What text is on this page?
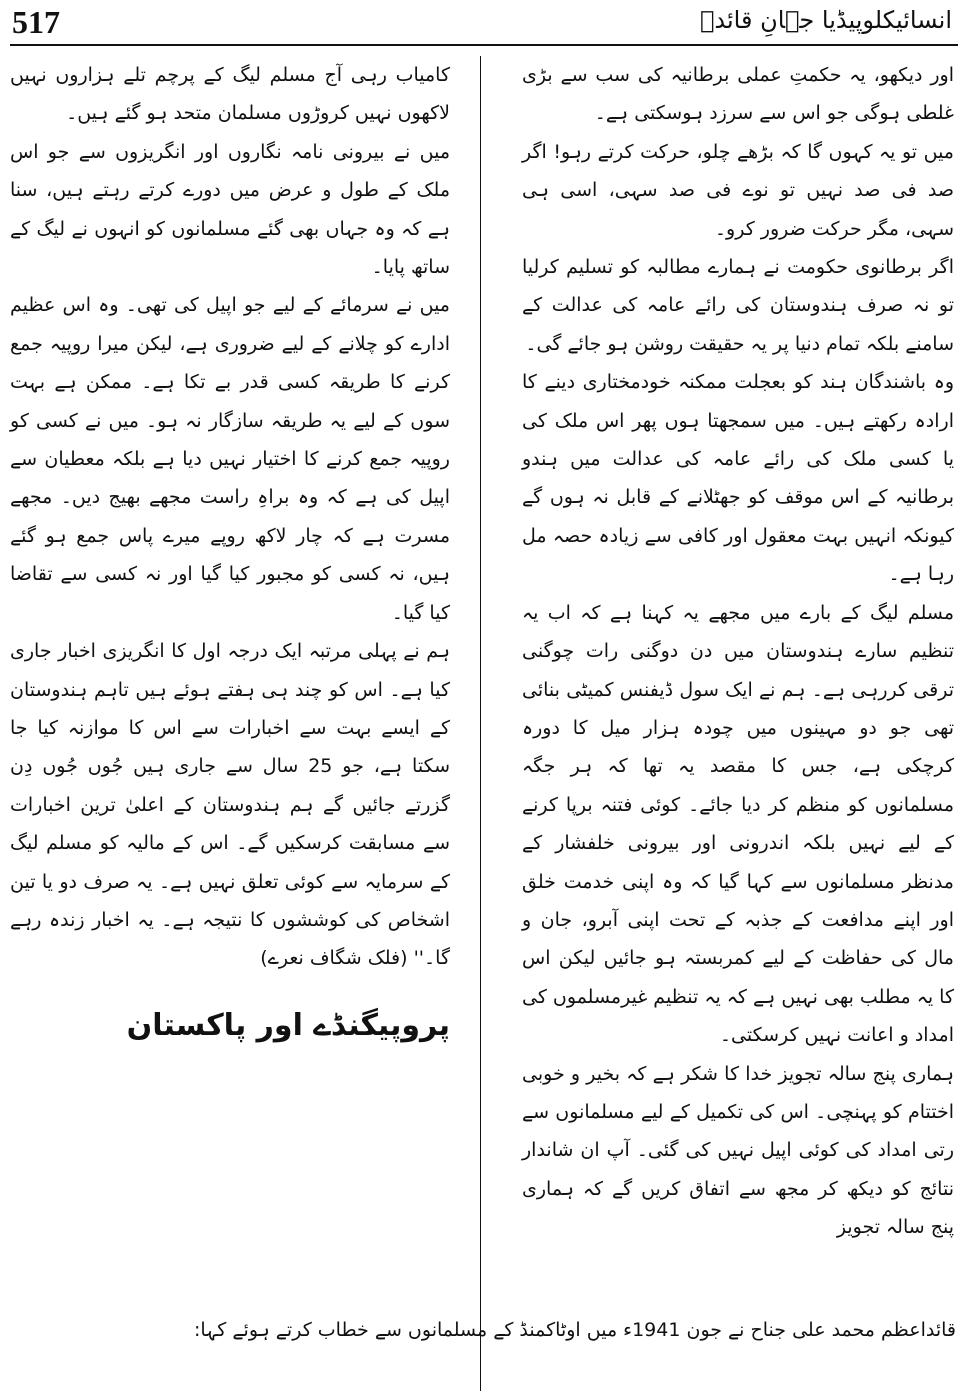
517	انسائیکلوپیڈیا جہانِ قائدؒ

اور دیکھو، یہ حکمتِ عملی برطانیہ کی سب سے بڑی غلطی ہوگی جو اس سے سرزد ہوسکتی ہے۔

میں تو یہ کہوں گا کہ بڑھے چلو، حرکت کرتے رہو! اگر صد فی صد نہیں تو نوے فی صد سہی، اسی ہی سہی، مگر حرکت ضرور کرو۔

اگر برطانوی حکومت نے ہمارے مطالبہ کو تسلیم کرلیا تو نہ صرف ہندوستان کی رائے عامہ کی عدالت کے سامنے بلکہ تمام دنیا پر یہ حقیقت روشن ہو جائے گی۔

وہ باشندگان ہند کو بعجلت ممکنہ خودمختاری دینے کا ارادہ رکھتے ہیں۔ میں سمجھتا ہوں پھر اس ملک کی یا کسی ملک کی رائے عامہ کی عدالت میں ہندو برطانیہ کے اس موقف کو جھٹلانے کے قابل نہ ہوں گے کیونکہ انہیں بہت معقول اور کافی سے زیادہ حصہ مل رہا ہے۔

مسلم لیگ کے بارے میں مجھے یہ کہنا ہے کہ اب یہ تنظیم سارے ہندوستان میں دن دوگنی رات چوگنی ترقی کررہی ہے۔ ہم نے ایک سول ڈیفنس کمیٹی بنائی تھی جو دو مہینوں میں چودہ ہزار میل کا دورہ کرچکی ہے، جس کا مقصد یہ تھا کہ ہر جگہ مسلمانوں کو منظم کر دیا جائے۔ کوئی فتنہ برپا کرنے کے لیے نہیں بلکہ اندرونی اور بیرونی خلفشار کے مدنظر مسلمانوں سے کہا گیا کہ وہ اپنی خدمت خلق اور اپنے مدافعت کے جذبہ کے تحت اپنی آبرو، جان و مال کی حفاظت کے لیے کمربستہ ہو جائیں لیکن اس کا یہ مطلب بھی نہیں ہے کہ یہ تنظیم غیرمسلموں کی امداد و اعانت نہیں کرسکتی۔

ہماری پنج سالہ تجویز خدا کا شکر ہے کہ بخیر و خوبی اختتام کو پہنچی۔ اس کی تکمیل کے لیے مسلمانوں سے رتی امداد کی کوئی اپیل نہیں کی گئی۔ آپ ان شاندار نتائج کو دیکھ کر مجھ سے اتفاق کریں گے کہ ہماری پنج سالہ تجویز

کامیاب رہی آج مسلم لیگ کے پرچم تلے ہزاروں نہیں لاکھوں نہیں کروڑوں مسلمان متحد ہو گئے ہیں۔

میں نے بیرونی نامہ نگاروں اور انگریزوں سے جو اس ملک کے طول و عرض میں دورے کرتے رہتے ہیں، سنا ہے کہ وہ جہاں بھی گئے مسلمانوں کو انہوں نے لیگ کے ساتھ پایا۔

میں نے سرمائے کے لیے جو اپیل کی تھی۔ وہ اس عظیم ادارے کو چلانے کے لیے ضروری ہے، لیکن میرا روپیہ جمع کرنے کا طریقہ کسی قدر بے تکا ہے۔ ممکن ہے بہت سوں کے لیے یہ طریقہ سازگار نہ ہو۔ میں نے کسی کو روپیہ جمع کرنے کا اختیار نہیں دیا ہے بلکہ معطیان سے اپیل کی ہے کہ وہ براہِ راست مجھے بھیج دیں۔ مجھے مسرت ہے کہ چار لاکھ روپے میرے پاس جمع ہو گئے ہیں، نہ کسی کو مجبور کیا گیا اور نہ کسی سے تقاضا کیا گیا۔

ہم نے پہلی مرتبہ ایک درجہ اول کا انگریزی اخبار جاری کیا ہے۔ اس کو چند ہی ہفتے ہوئے ہیں تاہم ہندوستان کے ایسے بہت سے اخبارات سے اس کا موازنہ کیا جا سکتا ہے، جو 25 سال سے جاری ہیں جُوں جُوں دِن گزرتے جائیں گے ہم ہندوستان کے اعلیٰ ترین اخبارات سے مسابقت کرسکیں گے۔ اس کے مالیہ کو مسلم لیگ کے سرمایہ سے کوئی تعلق نہیں ہے۔ یہ صرف دو یا تین اشخاص کی کوششوں کا نتیجہ ہے۔ یہ اخبار زندہ رہے گا۔'' (فلک شگاف نعرے)

پروپیگنڈے اور پاکستان

قائداعظم محمد علی جناح نے جون 1941ء میں اوٹاکمنڈ کے مسلمانوں سے خطاب کرتے ہوئے کہا:
